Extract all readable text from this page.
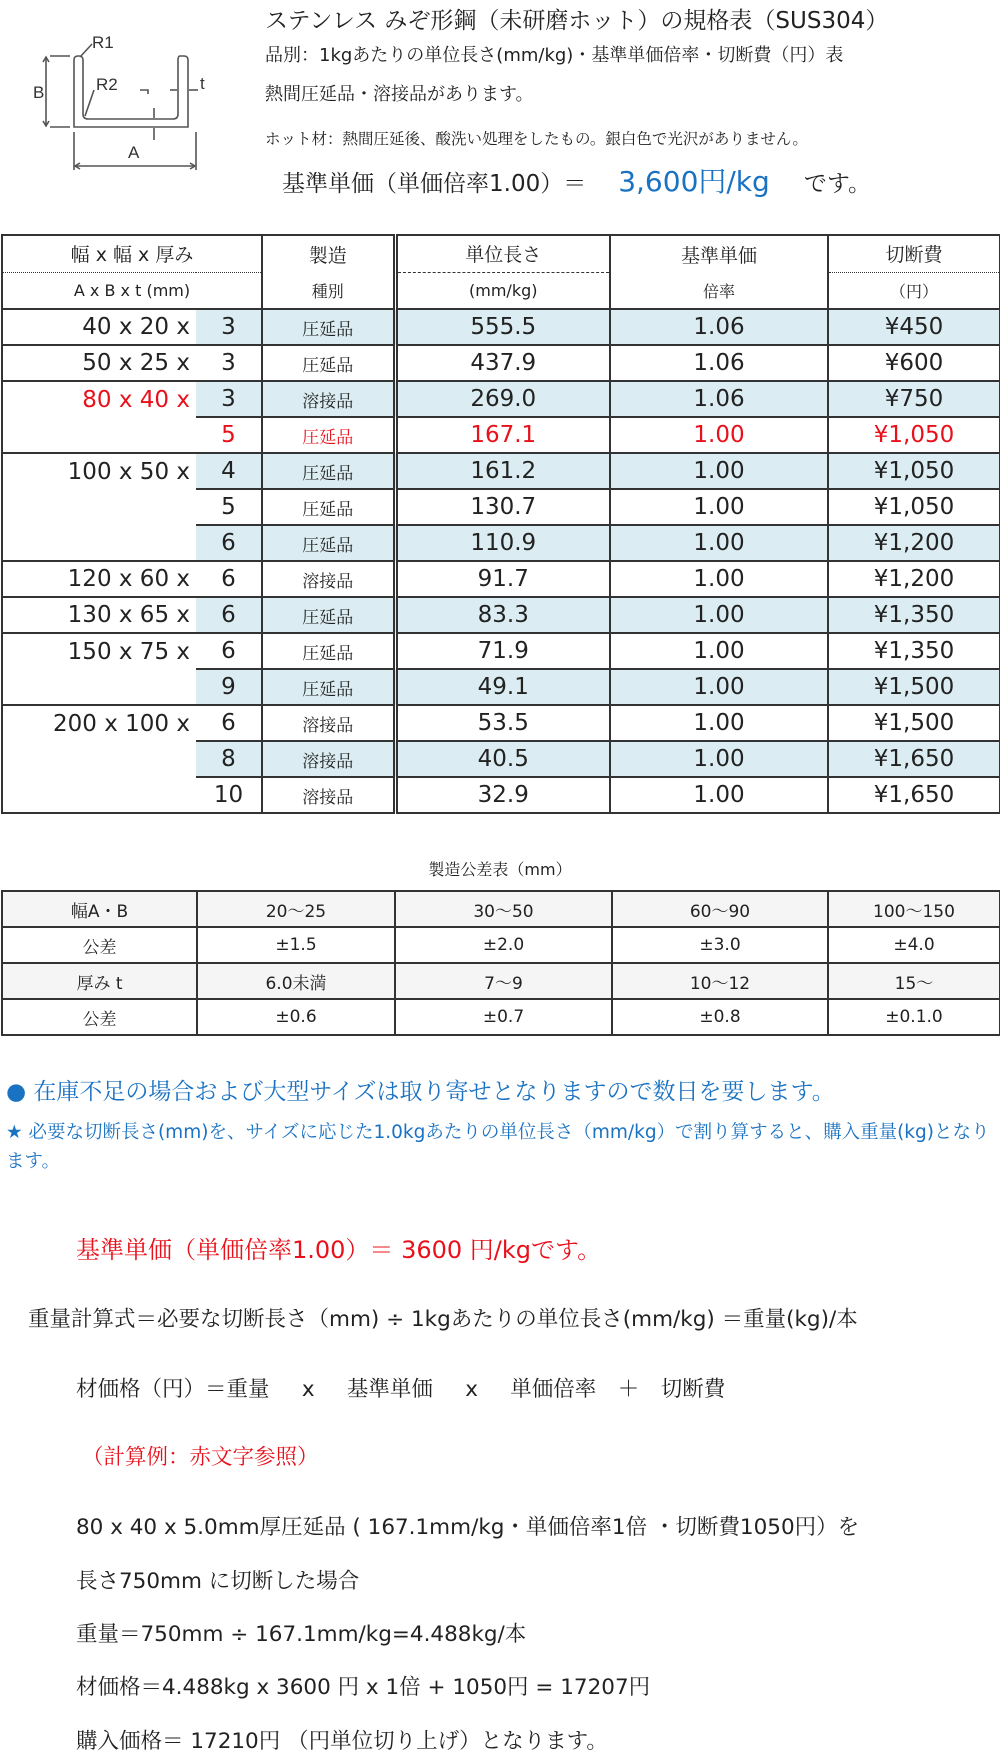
R1
R2
B
A
t
ステンレス みぞ形鋼（未研磨ホット）の規格表（SUS304）
品別：1kgあたりの単位長さ(mm/kg)・基準単価倍率・切断費（円）表
熱間圧延品・溶接品があります。
ホット材：熱間圧延後、酸洗い処理をしたもの。銀白色で光沢がありません。
基準単価（単価倍率1.00）＝ 3,600円/kg です。
幅 x 幅 x 厚み		製造	単位長さ	基準単価	切断費
A x B x t (mm)		種別	(mm/kg)	倍率	（円）
40 x 20 x	3	圧延品	555.5	1.06	¥450
50 x 25 x	3	圧延品	437.9	1.06	¥600
80 x 40 x	3	溶接品	269.0	1.06	¥750
	5	圧延品	167.1	1.00	¥1,050
100 x 50 x	4	圧延品	161.2	1.00	¥1,050
	5	圧延品	130.7	1.00	¥1,050
	6	圧延品	110.9	1.00	¥1,200
120 x 60 x	6	溶接品	91.7	1.00	¥1,200
130 x 65 x	6	圧延品	83.3	1.00	¥1,350
150 x 75 x	6	圧延品	71.9	1.00	¥1,350
	9	圧延品	49.1	1.00	¥1,500
200 x 100 x	6	溶接品	53.5	1.00	¥1,500
	8	溶接品	40.5	1.00	¥1,650
	10	溶接品	32.9	1.00	¥1,650
製造公差表（mm）
幅A・B	20〜25	30〜50	60〜90	100〜150
公差	±1.5	±2.0	±3.0	±4.0
厚み t	6.0未満	7〜9	10〜12	15〜
公差	±0.6	±0.7	±0.8	±0.1.0
● 在庫不足の場合および大型サイズは取り寄せとなりますので数日を要します。
★ 必要な切断長さ(mm)を、サイズに応じた1.0kgあたりの単位長さ（mm/kg）で割り算すると、購入重量(kg)となります。
基準単価（単価倍率1.00）＝ 3600 円/kgです。
重量計算式＝必要な切断長さ（mm) ÷ 1kgあたりの単位長さ(mm/kg) ＝重量(kg)/本
材価格（円）＝重量　 x 　基準単価　 x 　単価倍率　＋　切断費
（計算例：赤文字参照）
80 x 40 x 5.0mm厚圧延品 ( 167.1mm/kg・単価倍率1倍 ・切断費1050円）を
長さ750mm に切断した場合
重量＝750mm ÷ 167.1mm/kg=4.488kg/本
材価格＝4.488kg x 3600 円 x 1倍 + 1050円 = 17207円
購入価格＝ 17210円 （円単位切り上げ）となります。
